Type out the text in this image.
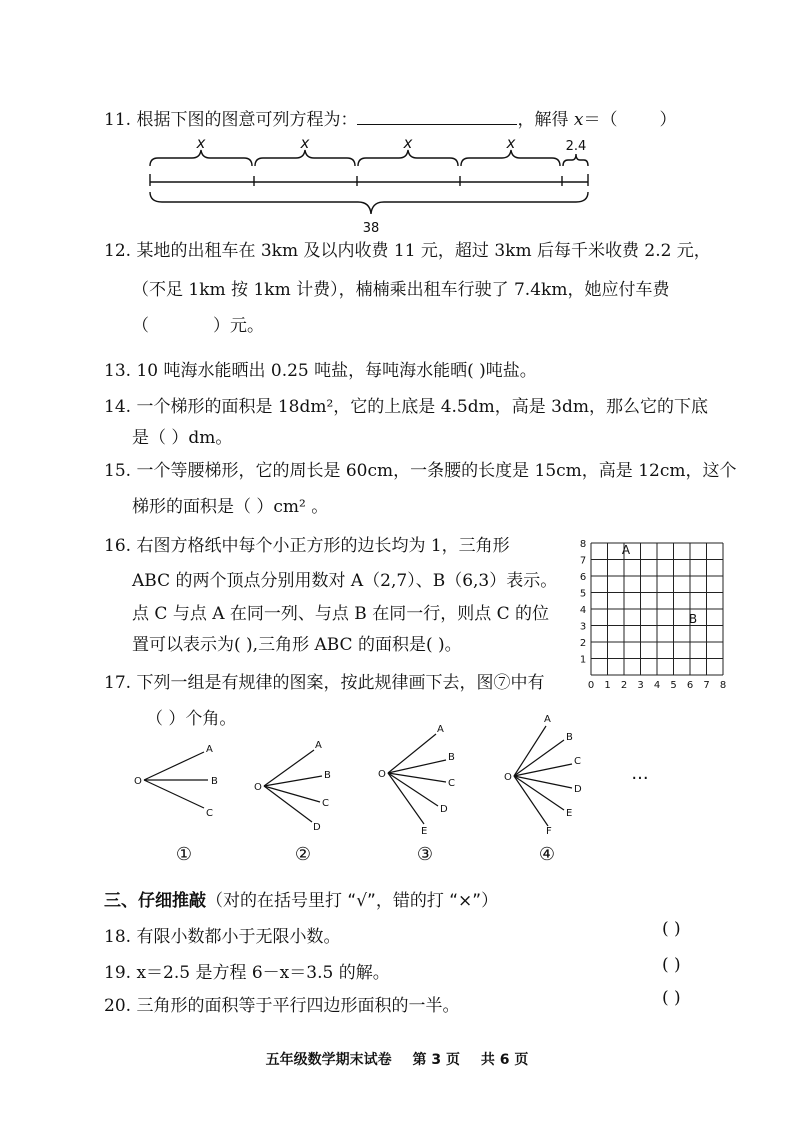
11. 根据下图的图意可列方程为：	，解得 x＝（ ）
x	x	x	x	2.4
38
12. 某地的出租车在 3km 及以内收费 11 元，超过 3km 后每千米收费 2.2 元，
（不足 1km 按 1km 计费），楠楠乘出租车行驶了 7.4km，她应付车费
（	）元。
13. 10 吨海水能晒出 0.25 吨盐，每吨海水能晒( )吨盐。
14. 一个梯形的面积是 18dm²，它的上底是 4.5dm，高是 3dm，那么它的下底
是（ ）dm。
15. 一个等腰梯形，它的周长是 60cm，一条腰的长度是 15cm，高是 12cm，这个
梯形的面积是（ ）cm² 。
16. 右图方格纸中每个小正方形的边长均为 1，三角形
ABC 的两个顶点分别用数对 A（2,7）、B（6,3）表示。
点 C 与点 A 在同一列、与点 B 在同一行，则点 C 的位
置可以表示为( ),三角形 ABC 的面积是( )。
0 1 2 3 4 5 6 7 8
1
2
3
4
5
6
7
8	A
B
17. 下列一组是有规律的图案，按此规律画下去，图⑦中有
（ ）个角。
O
A
B
C
O
A
B
C
D
O
A
B
C
D
E
O
A
B
C
D
E
F
①	②	③	④
···
三、仔细推敲（对的在括号里打 “√”，错的打 “×”）
18. 有限小数都小于无限小数。	( )
19. x＝2.5 是方程 6－x＝3.5 的解。	( )
20. 三角形的面积等于平行四边形面积的一半。	( )
五年级数学期末试卷 第 3 页 共 6 页
